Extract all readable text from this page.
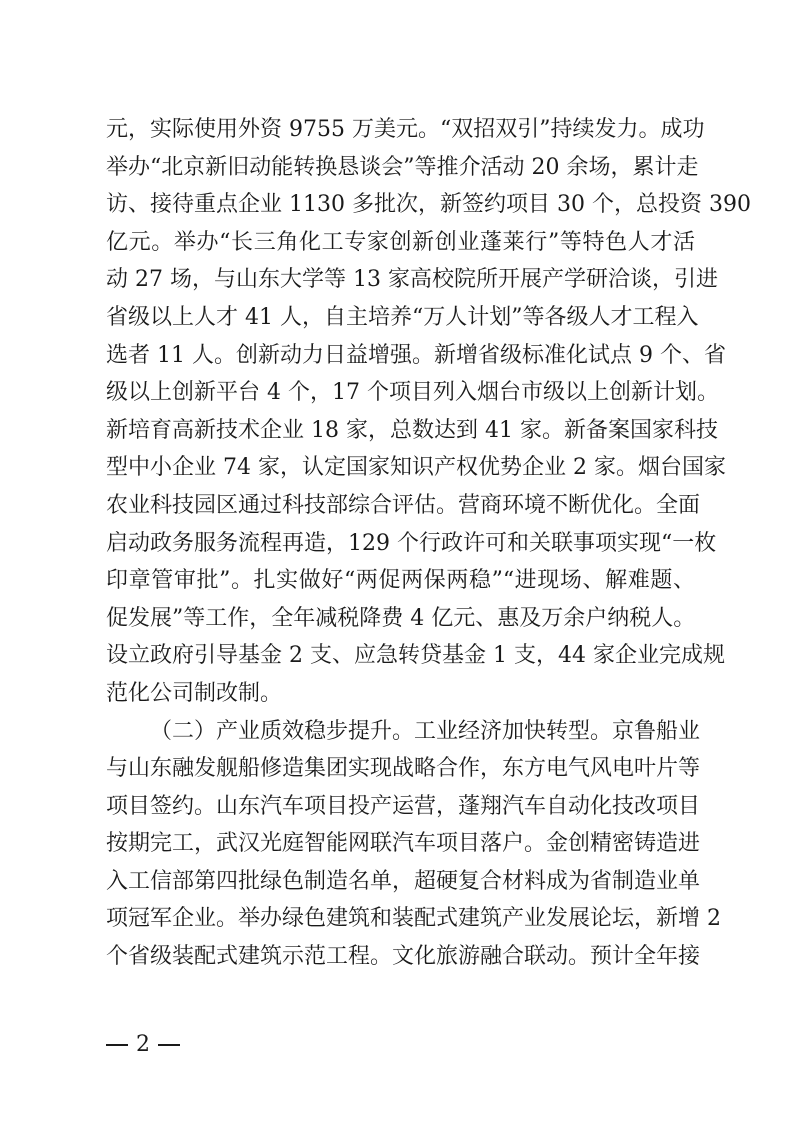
元，实际使用外资 9755 万美元。“双招双引”持续发力。成功
举办“北京新旧动能转换恳谈会”等推介活动 20 余场，累计走
访、接待重点企业 1130 多批次，新签约项目 30 个，总投资 390
亿元。举办“长三角化工专家创新创业蓬莱行”等特色人才活
动 27 场，与山东大学等 13 家高校院所开展产学研洽谈，引进
省级以上人才 41 人，自主培养“万人计划”等各级人才工程入
选者 11 人。创新动力日益增强。新增省级标准化试点 9 个、省
级以上创新平台 4 个，17 个项目列入烟台市级以上创新计划。
新培育高新技术企业 18 家，总数达到 41 家。新备案国家科技
型中小企业 74 家，认定国家知识产权优势企业 2 家。烟台国家
农业科技园区通过科技部综合评估。营商环境不断优化。全面
启动政务服务流程再造，129 个行政许可和关联事项实现“一枚
印章管审批”。扎实做好“两促两保两稳”“进现场、解难题、
促发展”等工作，全年减税降费 4 亿元、惠及万余户纳税人。
设立政府引导基金 2 支、应急转贷基金 1 支，44 家企业完成规
范化公司制改制。
（二）产业质效稳步提升。工业经济加快转型。京鲁船业
与山东融发舰船修造集团实现战略合作，东方电气风电叶片等
项目签约。山东汽车项目投产运营，蓬翔汽车自动化技改项目
按期完工，武汉光庭智能网联汽车项目落户。金创精密铸造进
入工信部第四批绿色制造名单，超硬复合材料成为省制造业单
项冠军企业。举办绿色建筑和装配式建筑产业发展论坛，新增 2
个省级装配式建筑示范工程。文化旅游融合联动。预计全年接
2
